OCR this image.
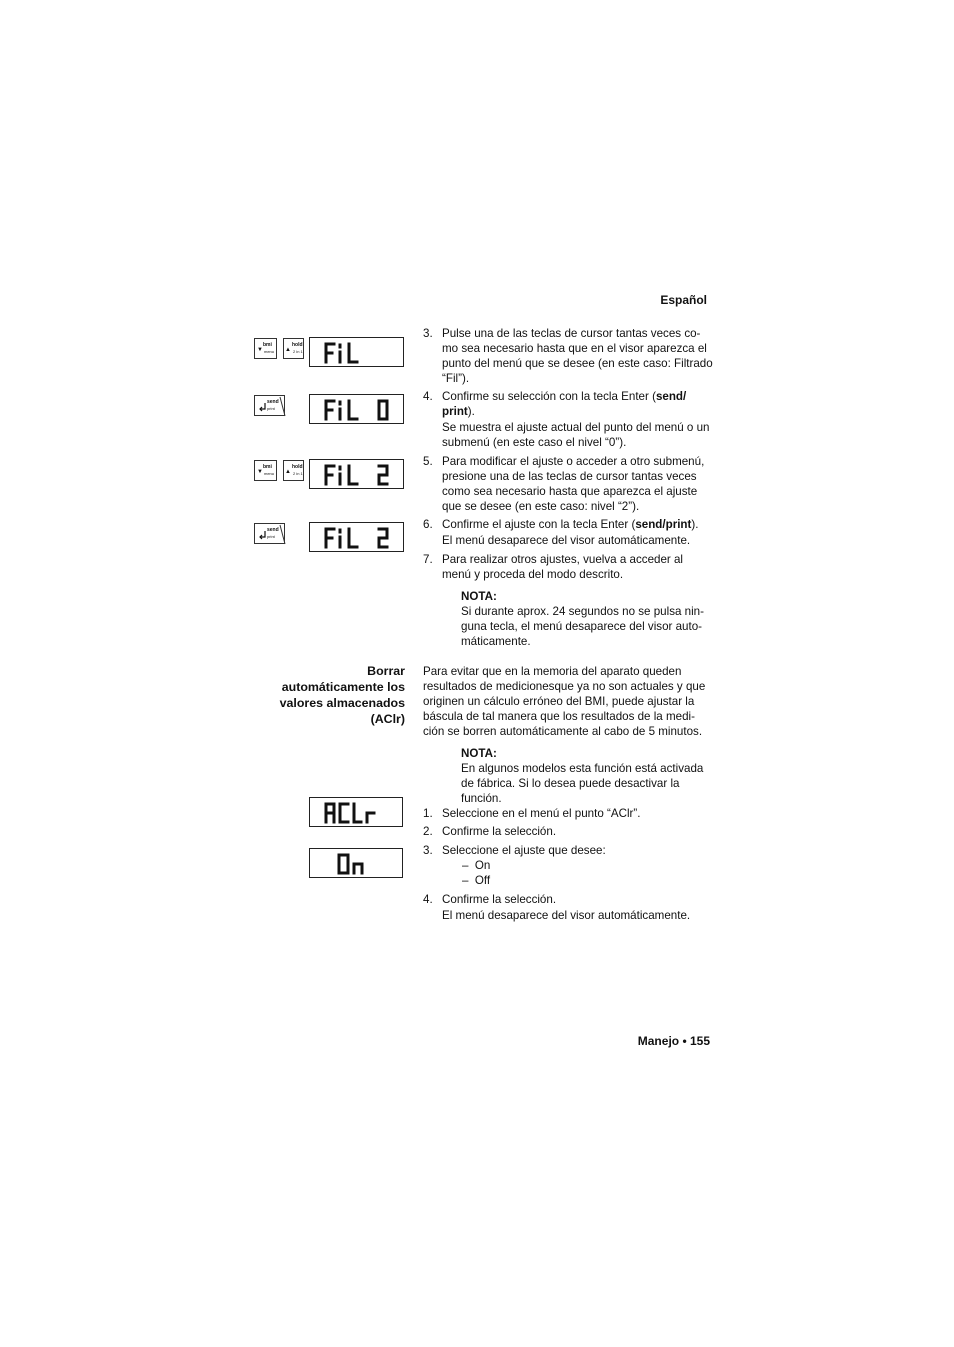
Español
▼
bmi
menu ▲
hold
2 in 1
send
print
▼
bmi
menu ▲
hold
2 in 1
send
print
3. Pulse una de las teclas de cursor tantas veces co-mo sea necesario hasta que en el visor aparezca el punto del menú que se desee (en este caso: Filtrado “Fil”).

4. Confirme su selección con la tecla Enter (send/
print).

Se muestra el ajuste actual del punto del menú o un submenú (en este caso el nivel “0”).

5. Para modificar el ajuste o acceder a otro submenú, presione una de las teclas de cursor tantas veces como sea necesario hasta que aparezca el ajuste que se desee (en este caso: nivel “2”).

6. Confirme el ajuste con la tecla Enter (send/print).

El menú desaparece del visor automáticamente.

7. Para realizar otros ajustes, vuelva a acceder al menú y proceda del modo descrito.

NOTA:
Si durante aprox. 24 segundos no se pulsa nin-guna tecla, el menú desaparece del visor auto-máticamente.
Borrar
automáticamente los
valores almacenados
(AClr)
Para evitar que en la memoria del aparato queden resultados de medicionesque ya no son actuales y que originen un cálculo erróneo del BMI, puede ajustar la báscula de tal manera que los resultados de la medi-ción se borren automáticamente al cabo de 5 minutos.
NOTA:
En algunos modelos esta función está activada de fábrica. Si lo desea puede desactivar la función.
1. Seleccione en el menú el punto “AClr”.

2. Confirme la selección.

3. Seleccione el ajuste que desee:

–  On
–  Off
4. Confirme la selección.

El menú desaparece del visor automáticamente.

Manejo • 155
